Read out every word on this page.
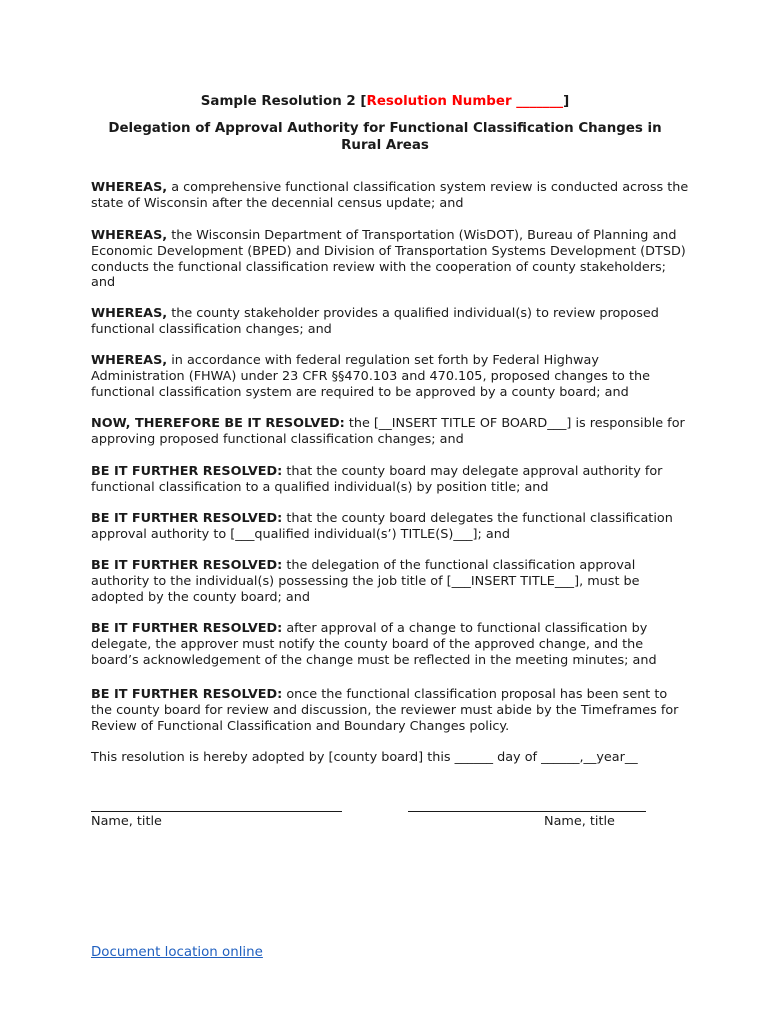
Sample Resolution 2 [Resolution Number _______]
Delegation of Approval Authority for Functional Classification Changes in Rural Areas

WHEREAS, a comprehensive functional classification system review is conducted across the state of Wisconsin after the decennial census update; and

WHEREAS, the Wisconsin Department of Transportation (WisDOT), Bureau of Planning and Economic Development (BPED) and Division of Transportation Systems Development (DTSD) conducts the functional classification review with the cooperation of county stakeholders; and

WHEREAS, the county stakeholder provides a qualified individual(s) to review proposed functional classification changes; and

WHEREAS, in accordance with federal regulation set forth by Federal Highway Administration (FHWA) under 23 CFR §§470.103 and 470.105, proposed changes to the functional classification system are required to be approved by a county board; and

NOW, THEREFORE BE IT RESOLVED: the [__INSERT TITLE OF BOARD___] is responsible for approving proposed functional classification changes; and

BE IT FURTHER RESOLVED: that the county board may delegate approval authority for functional classification to a qualified individual(s) by position title; and

BE IT FURTHER RESOLVED: that the county board delegates the functional classification approval authority to [___qualified individual(s’) TITLE(S)___]; and

BE IT FURTHER RESOLVED: the delegation of the functional classification approval authority to the individual(s) possessing the job title of [___INSERT TITLE___], must be adopted by the county board; and

BE IT FURTHER RESOLVED: after approval of a change to functional classification by delegate, the approver must notify the county board of the approved change, and the board’s acknowledgement of the change must be reflected in the meeting minutes; and

BE IT FURTHER RESOLVED: once the functional classification proposal has been sent to the county board for review and discussion, the reviewer must abide by the Timeframes for Review of Functional Classification and Boundary Changes policy.

This resolution is hereby adopted by [county board] this ______ day of ______,__year__

Name, title	Name, title
Document location online
